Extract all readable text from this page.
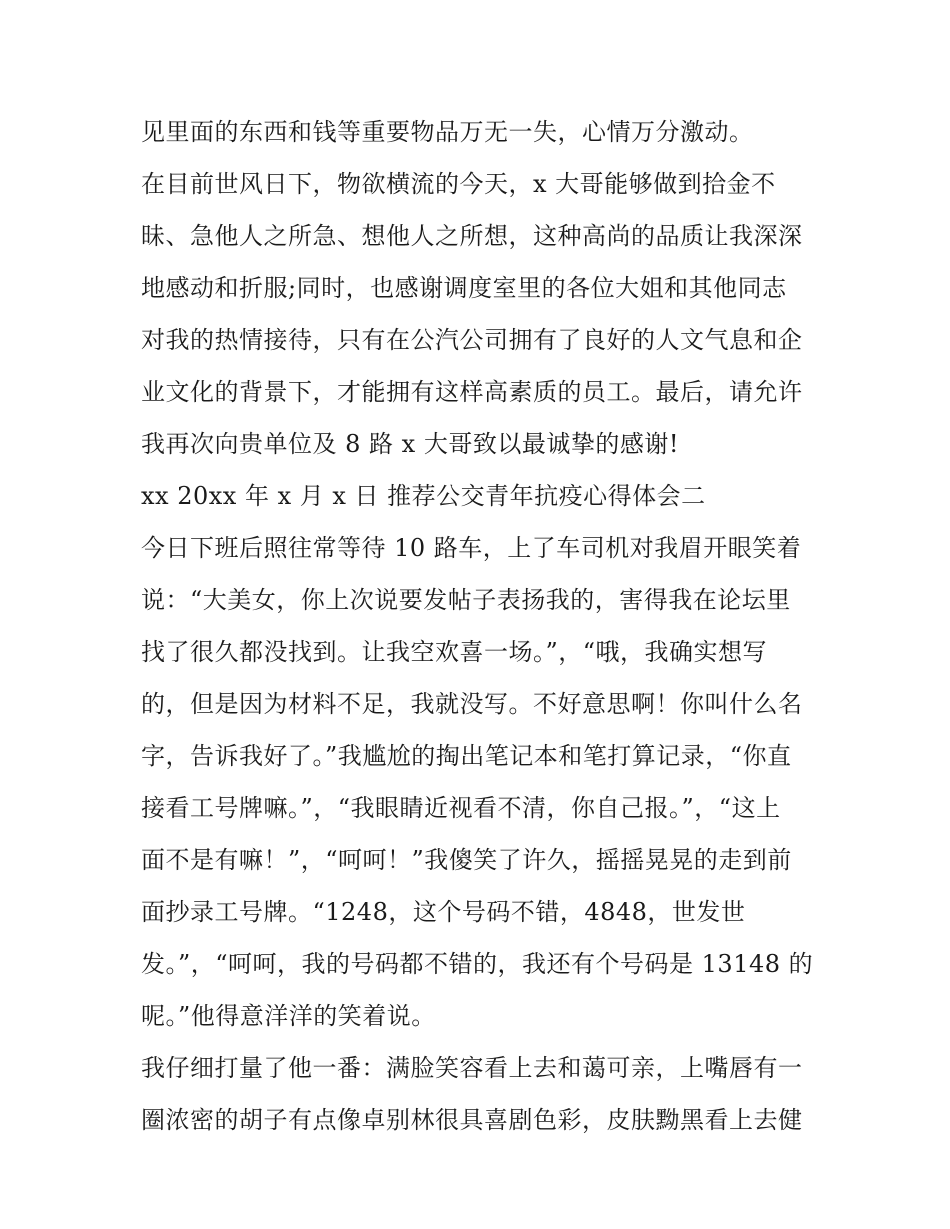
见里面的东西和钱等重要物品万无一失，心情万分激动。
在目前世风日下，物欲横流的今天，x 大哥能够做到拾金不
昧、急他人之所急、想他人之所想，这种高尚的品质让我深深
地感动和折服;同时，也感谢调度室里的各位大姐和其他同志
对我的热情接待，只有在公汽公司拥有了良好的人文气息和企
业文化的背景下，才能拥有这样高素质的员工。最后，请允许
我再次向贵单位及 8 路 x 大哥致以最诚挚的感谢!
xx 20xx 年 x 月 x 日 推荐公交青年抗疫心得体会二
今日下班后照往常等待 10 路车，上了车司机对我眉开眼笑着
说：“大美女，你上次说要发帖子表扬我的，害得我在论坛里
找了很久都没找到。让我空欢喜一场。”，“哦，我确实想写
的，但是因为材料不足，我就没写。不好意思啊！你叫什么名
字，告诉我好了。”我尴尬的掏出笔记本和笔打算记录，“你直
接看工号牌嘛。”，“我眼睛近视看不清，你自己报。”，“这上
面不是有嘛！”，“呵呵！”我傻笑了许久，摇摇晃晃的走到前
面抄录工号牌。“1248，这个号码不错，4848，世发世
发。”，“呵呵，我的号码都不错的，我还有个号码是 13148 的
呢。”他得意洋洋的笑着说。
我仔细打量了他一番：满脸笑容看上去和蔼可亲，上嘴唇有一
圈浓密的胡子有点像卓别林很具喜剧色彩，皮肤黝黑看上去健
